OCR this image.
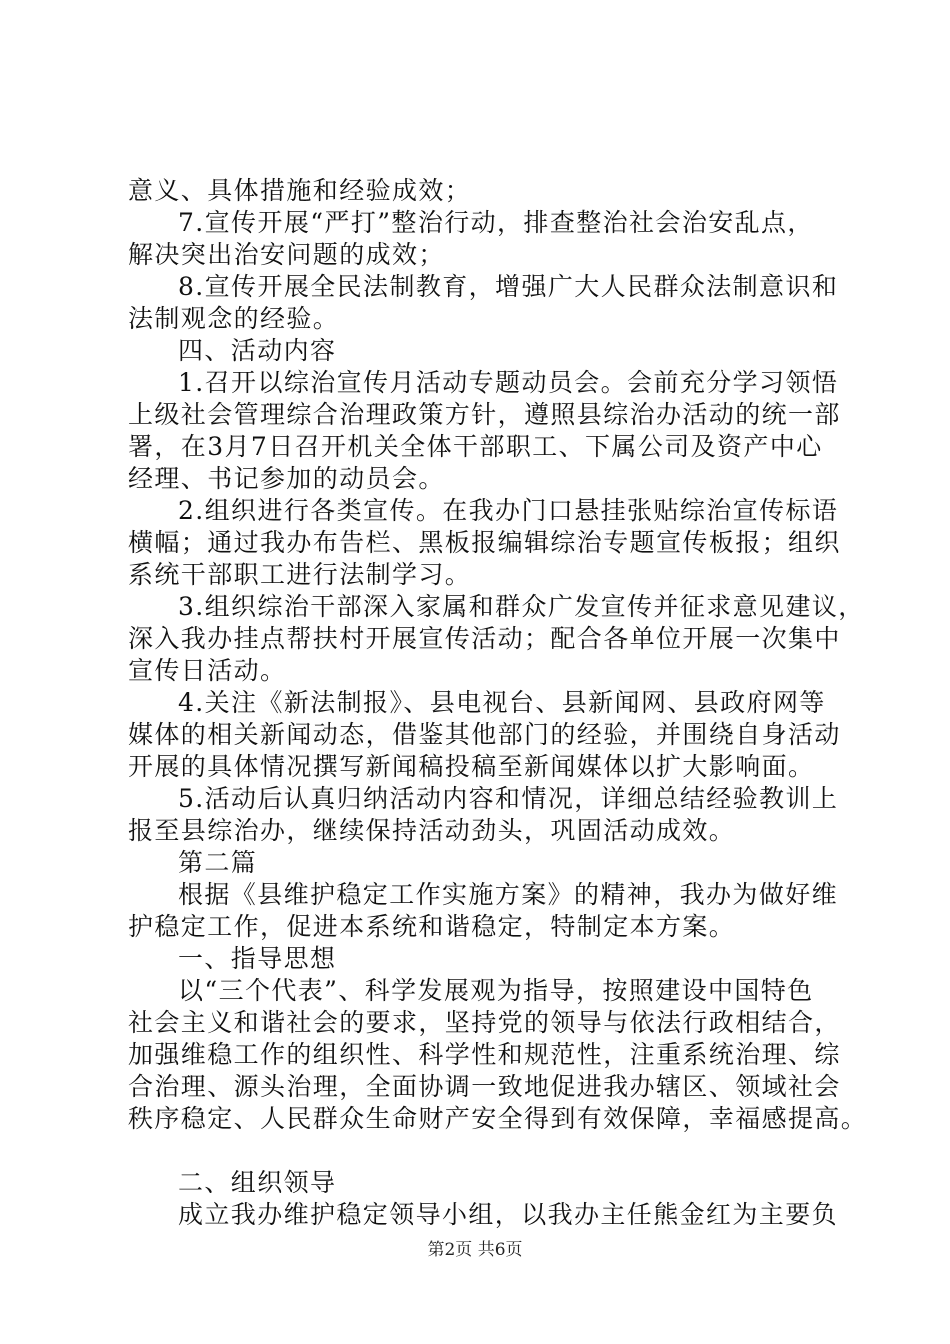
意义、具体措施和经验成效；
7.宣传开展“严打”整治行动，排查整治社会治安乱点，
解决突出治安问题的成效；
8.宣传开展全民法制教育，增强广大人民群众法制意识和
法制观念的经验。
四、活动内容
1.召开以综治宣传月活动专题动员会。会前充分学习领悟
上级社会管理综合治理政策方针，遵照县综治办活动的统一部
署，在3月7日召开机关全体干部职工、下属公司及资产中心
经理、书记参加的动员会。
2.组织进行各类宣传。在我办门口悬挂张贴综治宣传标语
横幅；通过我办布告栏、黑板报编辑综治专题宣传板报；组织
系统干部职工进行法制学习。
3.组织综治干部深入家属和群众广发宣传并征求意见建议，
深入我办挂点帮扶村开展宣传活动；配合各单位开展一次集中
宣传日活动。
4.关注《新法制报》、县电视台、县新闻网、县政府网等
媒体的相关新闻动态，借鉴其他部门的经验，并围绕自身活动
开展的具体情况撰写新闻稿投稿至新闻媒体以扩大影响面。
5.活动后认真归纳活动内容和情况，详细总结经验教训上
报至县综治办，继续保持活动劲头，巩固活动成效。
第二篇
根据《县维护稳定工作实施方案》的精神，我办为做好维
护稳定工作，促进本系统和谐稳定，特制定本方案。
一、指导思想
以“三个代表”、科学发展观为指导，按照建设中国特色
社会主义和谐社会的要求，坚持党的领导与依法行政相结合，
加强维稳工作的组织性、科学性和规范性，注重系统治理、综
合治理、源头治理，全面协调一致地促进我办辖区、领域社会
秩序稳定、人民群众生命财产安全得到有效保障，幸福感提高。
二、组织领导
成立我办维护稳定领导小组，以我办主任熊金红为主要负
第2页 共6页
